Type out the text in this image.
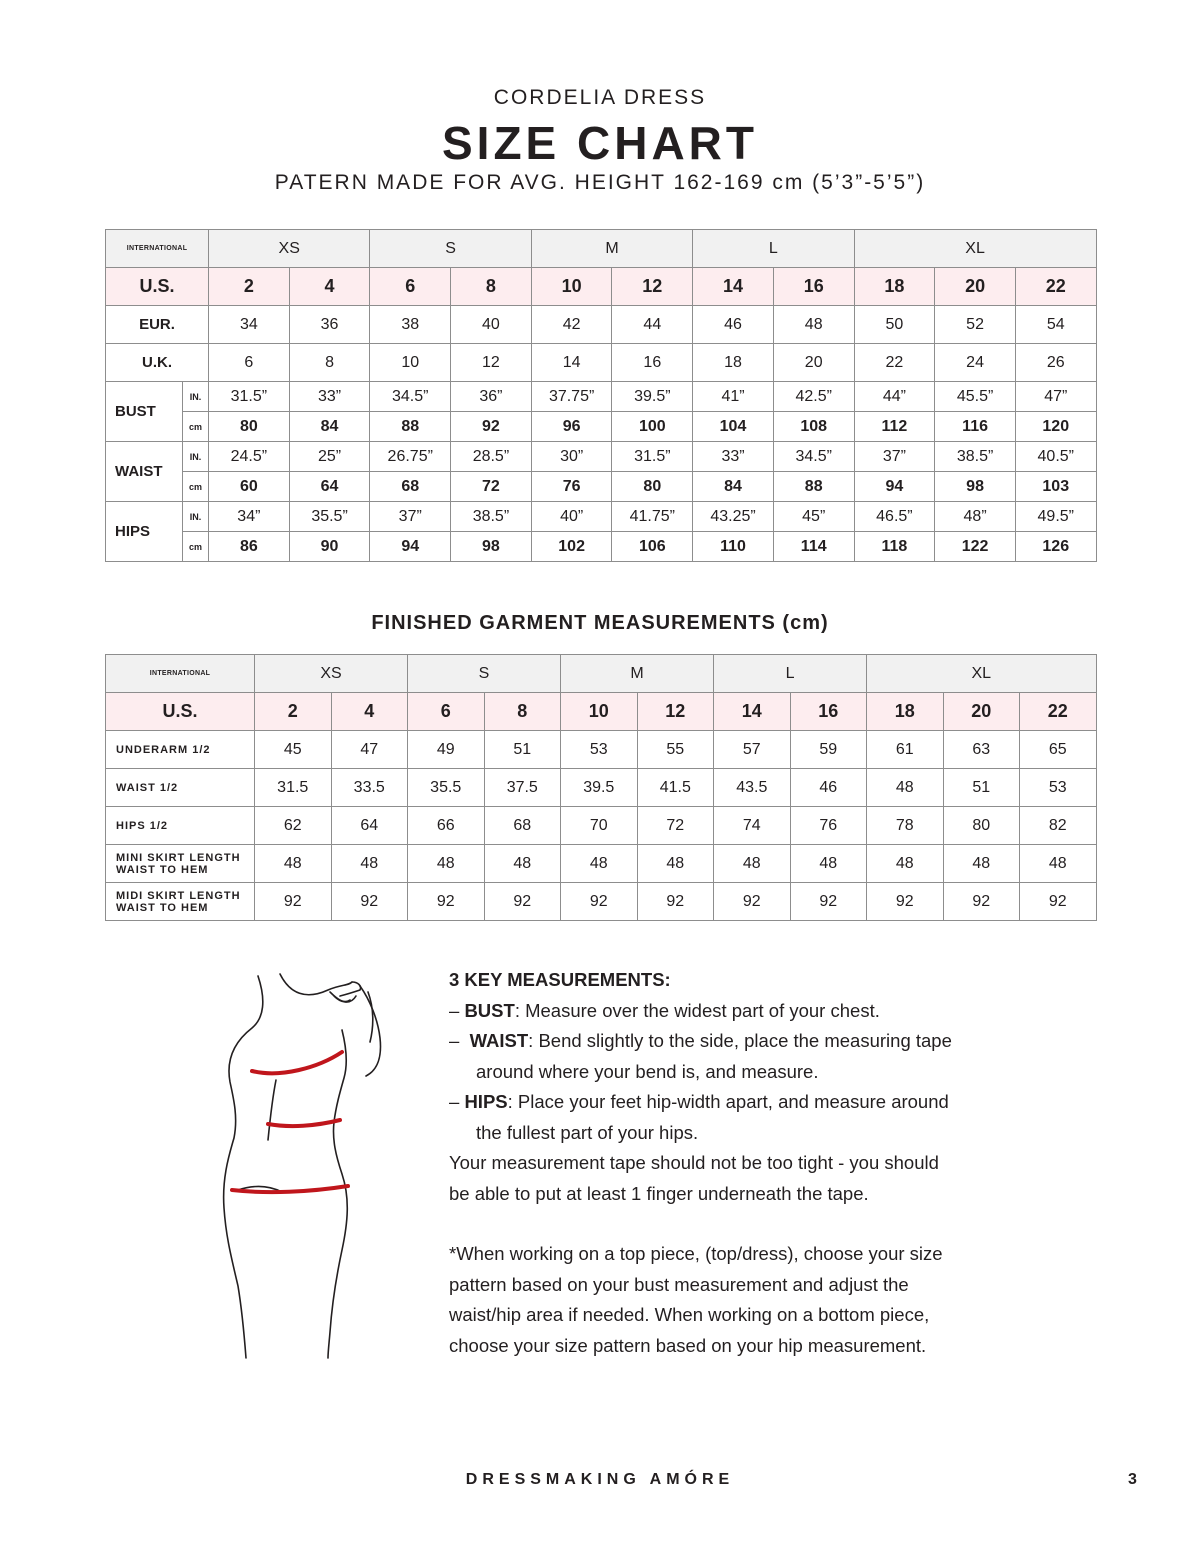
CORDELIA DRESS
SIZE CHART
PATERN MADE FOR AVG. HEIGHT 162-169 cm (5’3”-5’5”)
INTERNATIONAL		XS		S		M		L		XL		
U.S.		2	4	6	8	10	12	14	16	18	20	22
EUR.		34	36	38	40	42	44	46	48	50	52	54
U.K.		6	8	10	12	14	16	18	20	22	24	26
BUST	IN.	31.5”	33”	34.5”	36”	37.75”	39.5”	41”	42.5”	44”	45.5”	47”
	cm	80	84	88	92	96	100	104	108	112	116	120
WAIST	IN.	24.5”	25”	26.75”	28.5”	30”	31.5”	33”	34.5”	37”	38.5”	40.5”
	cm	60	64	68	72	76	80	84	88	94	98	103
HIPS	IN.	34”	35.5”	37”	38.5”	40”	41.75”	43.25”	45”	46.5”	48”	49.5”
	cm	86	90	94	98	102	106	110	114	118	122	126
FINISHED GARMENT MEASUREMENTS (cm)
INTERNATIONAL	XS		S		M		L		XL		
U.S.	2	4	6	8	10	12	14	16	18	20	22

UNDERARM 1/2	45	47	49	51	53	55	57	59	61	63	65

WAIST 1/2	31.5	33.5	35.5	37.5	39.5	41.5	43.5	46	48	51	53

HIPS 1/2	62	64	66	68	70	72	74	76	78	80	82

MINI SKIRT LENGTH
WAIST TO HEM	48	48	48	48	48	48	48	48	48	48	48

MIDI SKIRT LENGTH
WAIST TO HEM	92	92	92	92	92	92	92	92	92	92	92
3 KEY MEASUREMENTS:
– BUST: Measure over the widest part of your chest.
–  WAIST: Bend slightly to the side, place the measuring tape
around where your bend is, and measure.
– HIPS: Place your feet hip-width apart, and measure around
the fullest part of your hips.
Your measurement tape should not be too tight - you should
be able to put at least 1 finger underneath the tape.
*When working on a top piece, (top/dress), choose your size
pattern based on your bust measurement and adjust the
waist/hip area if needed. When working on a bottom piece,
choose your size pattern based on your hip measurement.
DRESSMAKING AMÓRE	3
